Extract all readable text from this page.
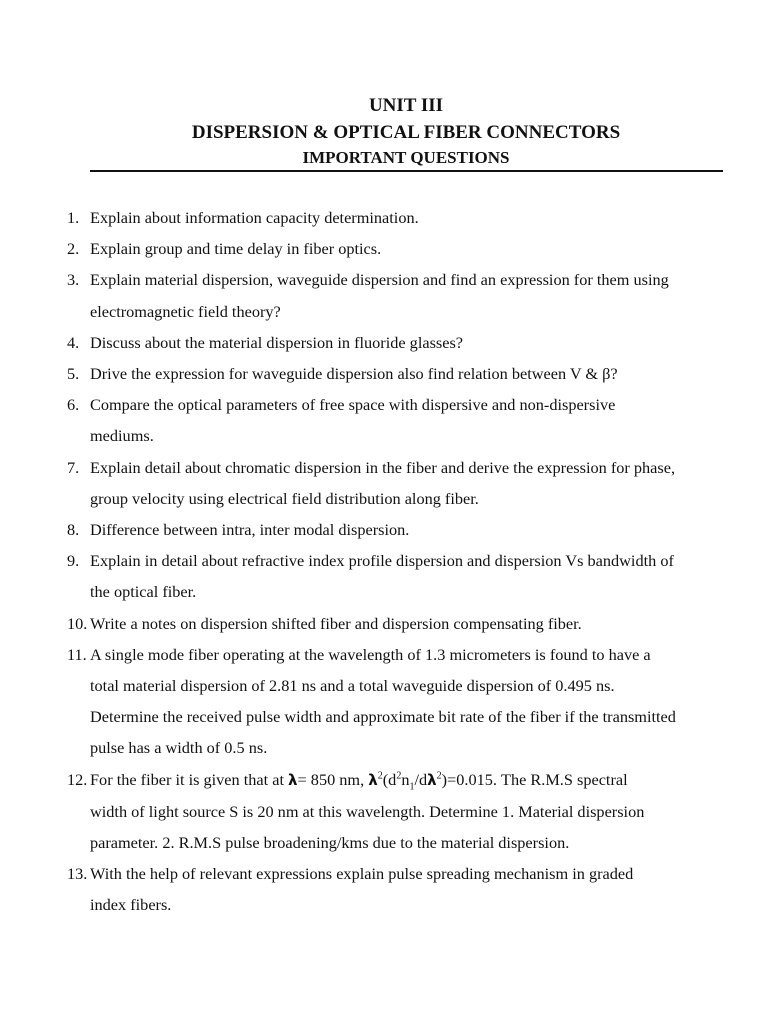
UNIT III
DISPERSION & OPTICAL FIBER CONNECTORS
IMPORTANT QUESTIONS
1. Explain about information capacity determination.
2. Explain group and time delay in fiber optics.
3. Explain material dispersion, waveguide dispersion and find an expression for them using
electromagnetic field theory?
4. Discuss about the material dispersion in fluoride glasses?
5. Drive the expression for waveguide dispersion also find relation between V & β?
6. Compare the optical parameters of free space with dispersive and non-dispersive
mediums.
7. Explain detail about chromatic dispersion in the fiber and derive the expression for phase,
group velocity using electrical field distribution along fiber.
8. Difference between intra, inter modal dispersion.
9. Explain in detail about refractive index profile dispersion and dispersion Vs bandwidth of
the optical fiber.
10. Write a notes on dispersion shifted fiber and dispersion compensating fiber.
11. A single mode fiber operating at the wavelength of 1.3 micrometers is found to have a
total material dispersion of 2.81 ns and a total waveguide dispersion of 0.495 ns.
Determine the received pulse width and approximate bit rate of the fiber if the transmitted
pulse has a width of 0.5 ns.
12. For the fiber it is given that at λ= 850 nm, $\lambda^2(d^2n_1/d\lambda^2)=0.015$. The R.M.S spectral
width of light source S is 20 nm at this wavelength. Determine 1. Material dispersion
parameter. 2. R.M.S pulse broadening/kms due to the material dispersion.
13. With the help of relevant expressions explain pulse spreading mechanism in graded
index fibers.
